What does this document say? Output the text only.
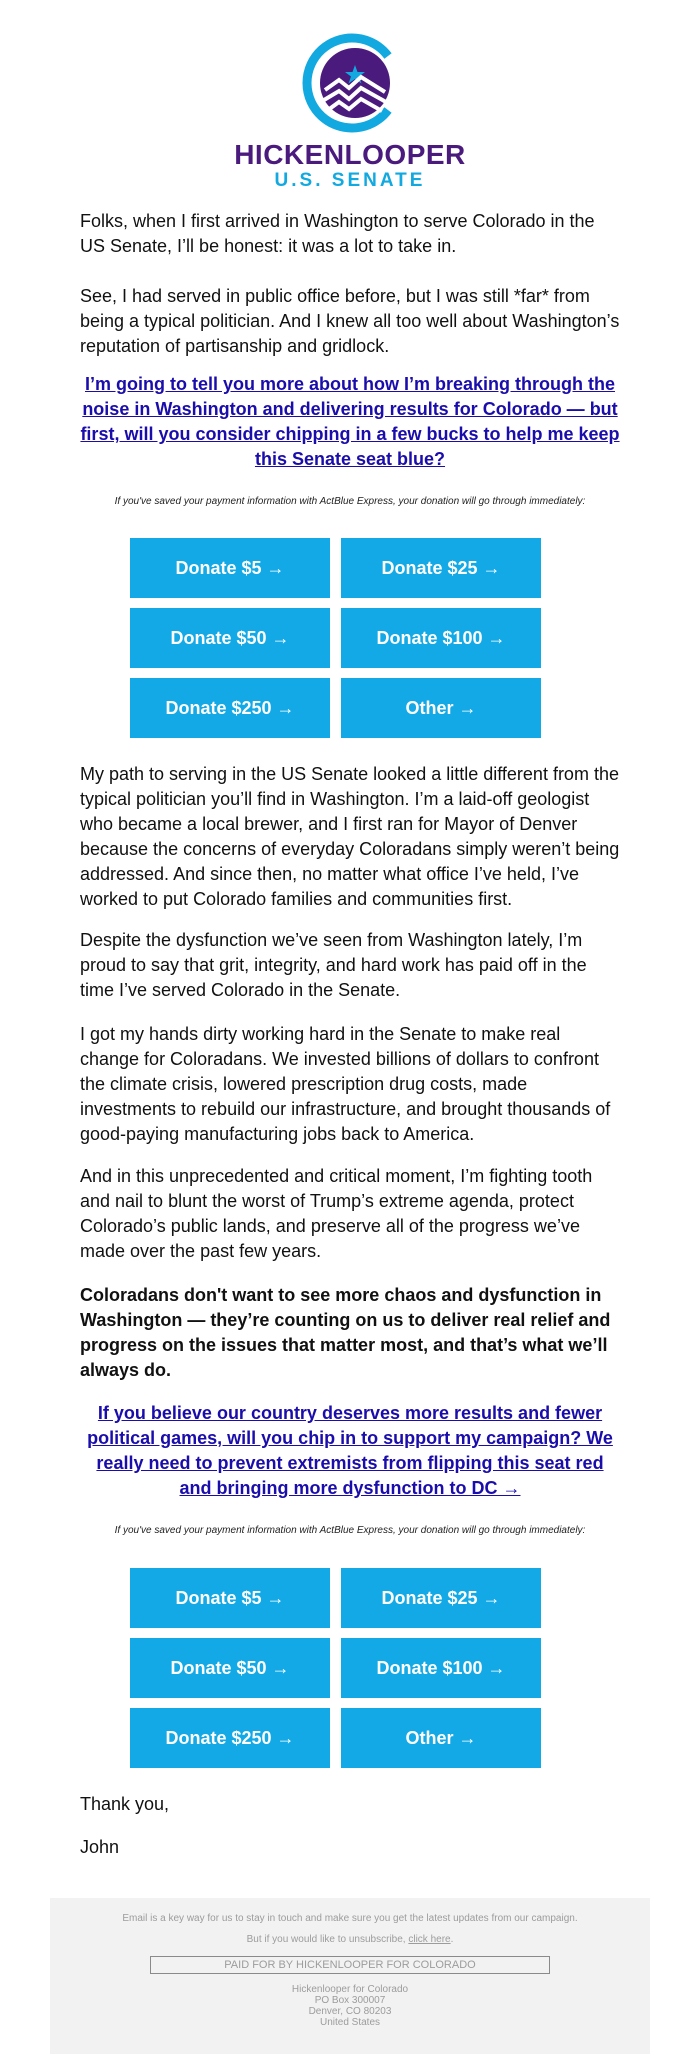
HICKENLOOPER
U.S. SENATE

Folks, when I first arrived in Washington to serve Colorado in the US Senate, I’ll be honest: it was a lot to take in.

See, I had served in public office before, but I was still *far* from being a typical politician. And I knew all too well about Washington’s reputation of partisanship and gridlock.

I’m going to tell you more about how I’m breaking through the noise in Washington and delivering results for Colorado — but first, will you consider chipping in a few bucks to help me keep this Senate seat blue?
If you've saved your payment information with ActBlue Express, your donation will go through immediately:
Donate $5 →	Donate $25 →
Donate $50 →	Donate $100 →
Donate $250 →	Other →

My path to serving in the US Senate looked a little different from the typical politician you’ll find in Washington. I’m a laid-off geologist who became a local brewer, and I first ran for Mayor of Denver because the concerns of everyday Coloradans simply weren’t being addressed. And since then, no matter what office I’ve held, I’ve worked to put Colorado families and communities first.

Despite the dysfunction we’ve seen from Washington lately, I’m proud to say that grit, integrity, and hard work has paid off in the time I’ve served Colorado in the Senate.

I got my hands dirty working hard in the Senate to make real change for Coloradans. We invested billions of dollars to confront the climate crisis, lowered prescription drug costs, made investments to rebuild our infrastructure, and brought thousands of good-paying manufacturing jobs back to America.

And in this unprecedented and critical moment, I’m fighting tooth and nail to blunt the worst of Trump’s extreme agenda, protect Colorado’s public lands, and preserve all of the progress we’ve made over the past few years.

Coloradans don't want to see more chaos and dysfunction in Washington — they’re counting on us to deliver real relief and progress on the issues that matter most, and that’s what we’ll always do.

If you believe our country deserves more results and fewer political games, will you chip in to support my campaign? We really need to prevent extremists from flipping this seat red and bringing more dysfunction to DC →
If you've saved your payment information with ActBlue Express, your donation will go through immediately:
Donate $5 →	Donate $25 →
Donate $50 →	Donate $100 →
Donate $250 →	Other →

Thank you,

John

Email is a key way for us to stay in touch and make sure you get the latest updates from our campaign.
But if you would like to unsubscribe, click here.
PAID FOR BY HICKENLOOPER FOR COLORADO
Hickenlooper for Colorado
PO Box 300007
Denver, CO 80203
United States
